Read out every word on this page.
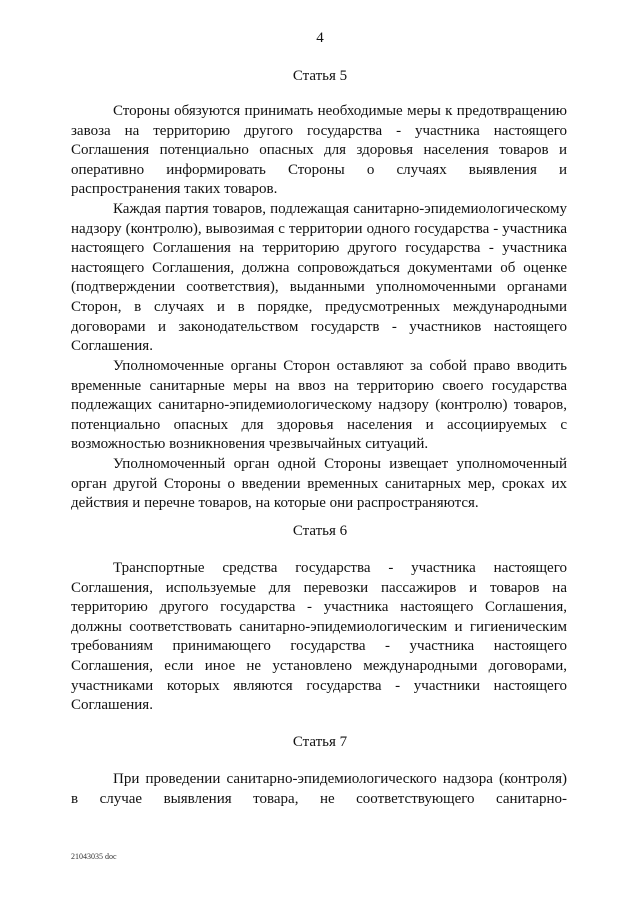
4
Статья 5
Стороны обязуются принимать необходимые меры к предотвращению завоза на территорию другого государства - участника настоящего Соглашения потенциально опасных для здоровья населения товаров и оперативно информировать Стороны о случаях выявления и распространения таких товаров.
Каждая партия товаров, подлежащая санитарно-эпидемиологическому надзору (контролю), вывозимая с территории одного государства - участника настоящего Соглашения на территорию другого государства - участника настоящего Соглашения, должна сопровождаться документами об оценке (подтверждении соответствия), выданными уполномоченными органами Сторон, в случаях и в порядке, предусмотренных международными договорами и законодательством государств - участников настоящего Соглашения.
Уполномоченные органы Сторон оставляют за собой право вводить временные санитарные меры на ввоз на территорию своего государства подлежащих санитарно-эпидемиологическому надзору (контролю) товаров, потенциально опасных для здоровья населения и ассоциируемых с возможностью возникновения чрезвычайных ситуаций.
Уполномоченный орган одной Стороны извещает уполномоченный орган другой Стороны о введении временных санитарных мер, сроках их действия и перечне товаров, на которые они распространяются.
Статья 6
Транспортные средства государства - участника настоящего Соглашения, используемые для перевозки пассажиров и товаров на территорию другого государства - участника настоящего Соглашения, должны соответствовать санитарно-эпидемиологическим и гигиеническим требованиям принимающего государства - участника настоящего Соглашения, если иное не установлено международными договорами, участниками которых являются государства - участники настоящего Соглашения.
Статья 7
При проведении санитарно-эпидемиологического надзора (контроля) в случае выявления товара, не соответствующего санитарно-
21043035 doc
